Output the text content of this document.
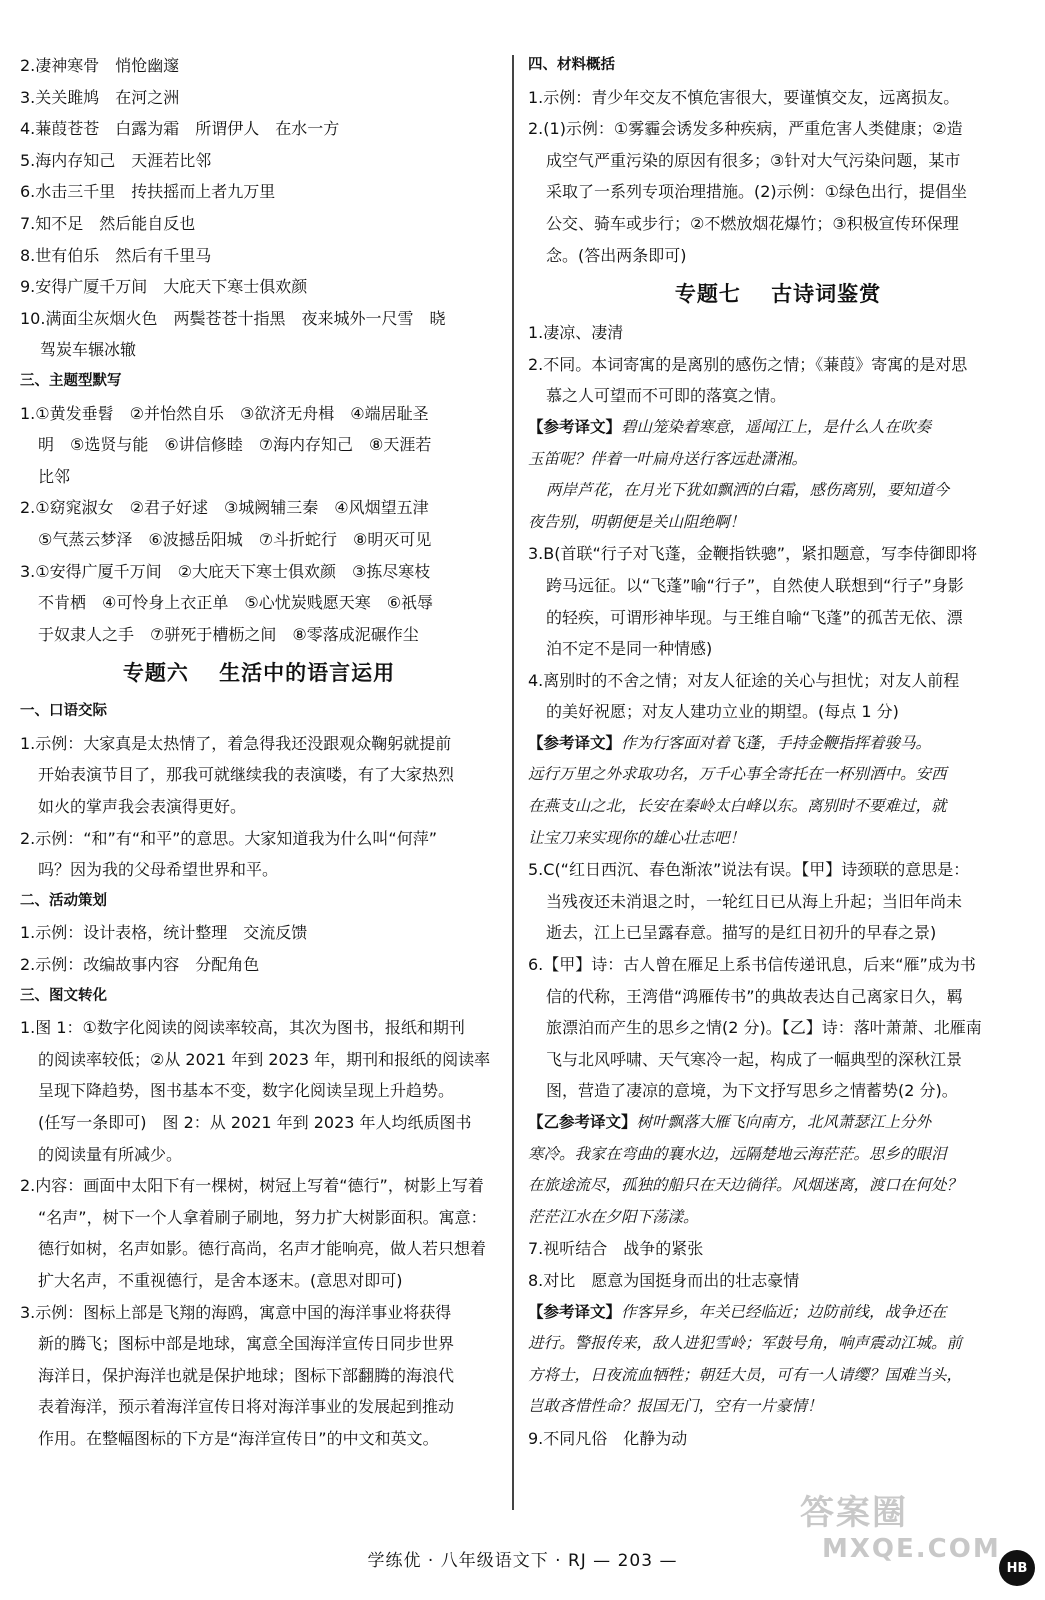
2.凄神寒骨　悄怆幽邃
3.关关雎鸠　在河之洲
4.蒹葭苍苍　白露为霜　所谓伊人　在水一方
5.海内存知己　天涯若比邻
6.水击三千里　抟扶摇而上者九万里
7.知不足　然后能自反也
8.世有伯乐　然后有千里马
9.安得广厦千万间　大庇天下寒士俱欢颜
10.满面尘灰烟火色　两鬓苍苍十指黑　夜来城外一尺雪　晓
驾炭车辗冰辙
三、主题型默写
1.①黄发垂髫　②并怡然自乐　③欲济无舟楫　④端居耻圣
明　⑤选贤与能　⑥讲信修睦　⑦海内存知己　⑧天涯若
比邻
2.①窈窕淑女　②君子好逑　③城阙辅三秦　④风烟望五津
⑤气蒸云梦泽　⑥波撼岳阳城　⑦斗折蛇行　⑧明灭可见
3.①安得广厦千万间　②大庇天下寒士俱欢颜　③拣尽寒枝
不肯栖　④可怜身上衣正单　⑤心忧炭贱愿天寒　⑥祇辱
于奴隶人之手　⑦骈死于槽枥之间　⑧零落成泥碾作尘
专题六　 生活中的语言运用
一、口语交际
1.示例：大家真是太热情了，着急得我还没跟观众鞠躬就提前
开始表演节目了，那我可就继续我的表演喽，有了大家热烈
如火的掌声我会表演得更好。
2.示例：“和”有“和平”的意思。大家知道我为什么叫“何萍”
吗？因为我的父母希望世界和平。
二、活动策划
1.示例：设计表格，统计整理　交流反馈
2.示例：改编故事内容　分配角色
三、图文转化
1.图 1：①数字化阅读的阅读率较高，其次为图书，报纸和期刊
的阅读率较低；②从 2021 年到 2023 年，期刊和报纸的阅读率
呈现下降趋势，图书基本不变，数字化阅读呈现上升趋势。
(任写一条即可)　图 2：从 2021 年到 2023 年人均纸质图书
的阅读量有所减少。
2.内容：画面中太阳下有一棵树，树冠上写着“德行”，树影上写着
“名声”，树下一个人拿着刷子刷地，努力扩大树影面积。寓意：
德行如树，名声如影。德行高尚，名声才能响亮，做人若只想着
扩大名声，不重视德行，是舍本逐末。(意思对即可)
3.示例：图标上部是飞翔的海鸥，寓意中国的海洋事业将获得
新的腾飞；图标中部是地球，寓意全国海洋宣传日同步世界
海洋日，保护海洋也就是保护地球；图标下部翻腾的海浪代
表着海洋，预示着海洋宣传日将对海洋事业的发展起到推动
作用。在整幅图标的下方是“海洋宣传日”的中文和英文。
四、材料概括
1.示例：青少年交友不慎危害很大，要谨慎交友，远离损友。
2.(1)示例：①雾霾会诱发多种疾病，严重危害人类健康；②造
成空气严重污染的原因有很多；③针对大气污染问题，某市
采取了一系列专项治理措施。(2)示例：①绿色出行，提倡坐
公交、骑车或步行；②不燃放烟花爆竹；③积极宣传环保理
念。(答出两条即可)
专题七　 古诗词鉴赏
1.凄凉、凄清
2.不同。本词寄寓的是离别的感伤之情；《蒹葭》寄寓的是对思
慕之人可望而不可即的落寞之情。
【参考译文】碧山笼染着寒意，遥闻江上，是什么人在吹奏
玉笛呢？伴着一叶扁舟送行客远赴潇湘。
两岸芦花，在月光下犹如飘洒的白霜，感伤离别，要知道今
夜告别，明朝便是关山阻绝啊！
3.B(首联“行子对飞蓬，金鞭指铁骢”，紧扣题意，写李侍御即将
跨马远征。以“飞蓬”喻“行子”，自然使人联想到“行子”身影
的轻疾，可谓形神毕现。与王维自喻“飞蓬”的孤苦无依、漂
泊不定不是同一种情感)
4.离别时的不舍之情；对友人征途的关心与担忧；对友人前程
的美好祝愿；对友人建功立业的期望。(每点 1 分)
【参考译文】作为行客面对着飞蓬，手持金鞭指挥着骏马。
远行万里之外求取功名，万千心事全寄托在一杯别酒中。安西
在燕支山之北，长安在秦岭太白峰以东。离别时不要难过，就
让宝刀来实现你的雄心壮志吧！
5.C(“红日西沉、春色渐浓”说法有误。【甲】诗颈联的意思是：
当残夜还未消退之时，一轮红日已从海上升起；当旧年尚未
逝去，江上已呈露春意。描写的是红日初升的早春之景)
6.【甲】诗：古人曾在雁足上系书信传递讯息，后来“雁”成为书
信的代称，王湾借“鸿雁传书”的典故表达自己离家日久，羁
旅漂泊而产生的思乡之情(2 分)。【乙】诗：落叶萧萧、北雁南
飞与北风呼啸、天气寒冷一起，构成了一幅典型的深秋江景
图，营造了凄凉的意境，为下文抒写思乡之情蓄势(2 分)。
【乙参考译文】树叶飘落大雁飞向南方，北风萧瑟江上分外
寒冷。我家在弯曲的襄水边，远隔楚地云海茫茫。思乡的眼泪
在旅途流尽，孤独的船只在天边徜徉。风烟迷离，渡口在何处？
茫茫江水在夕阳下荡漾。
7.视听结合　战争的紧张
8.对比　愿意为国挺身而出的壮志豪情
【参考译文】作客异乡，年关已经临近；边防前线，战争还在
进行。警报传来，敌人进犯雪岭；军鼓号角，响声震动江城。前
方将士，日夜流血牺牲；朝廷大员，可有一人请缨？国难当头，
岂敢吝惜性命？报国无门，空有一片豪情！
9.不同凡俗　化静为动
学练优 · 八年级语文下 · RJ — 203 —	HB
答案圈
MXQE.COM
